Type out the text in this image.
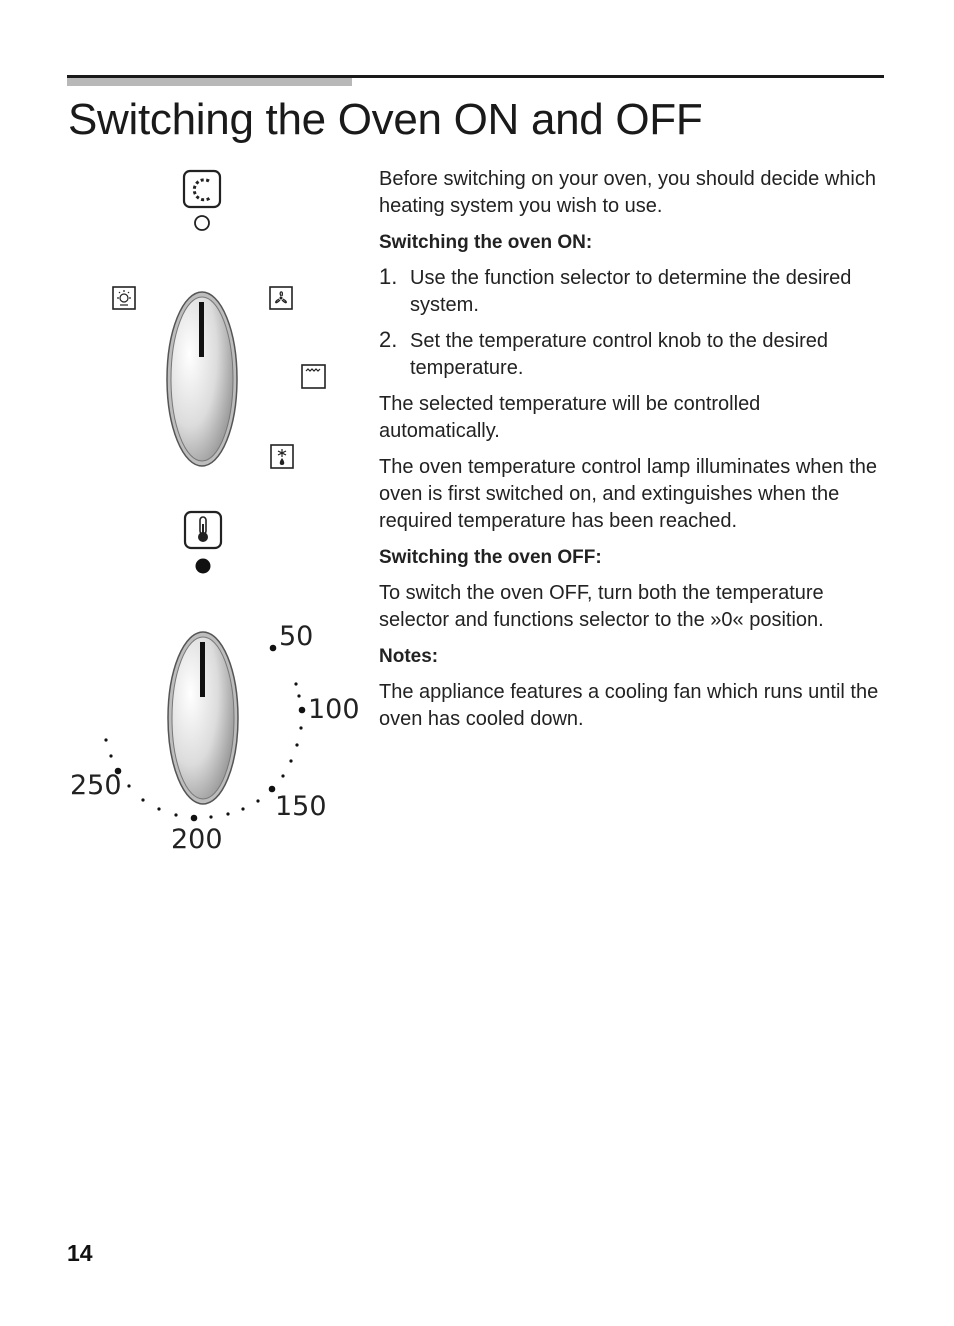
Switching the Oven ON and OFF
50
100
150
200
250

Before switching on your oven, you should decide which heating system you wish to use.

Switching the oven ON:
1. Use the function selector to determine the desired system.
2. Set the temperature control knob to the desired temperature.

The selected temperature will be controlled automatically.

The oven temperature control lamp illuminates when the oven is first switched on, and extinguishes when the required temperature has been reached.

Switching the oven OFF:

To switch the oven OFF, turn both the temperature selector and functions selector to the »0« position.

Notes:

The appliance features a cooling fan which runs until the oven has cooled down.

14
